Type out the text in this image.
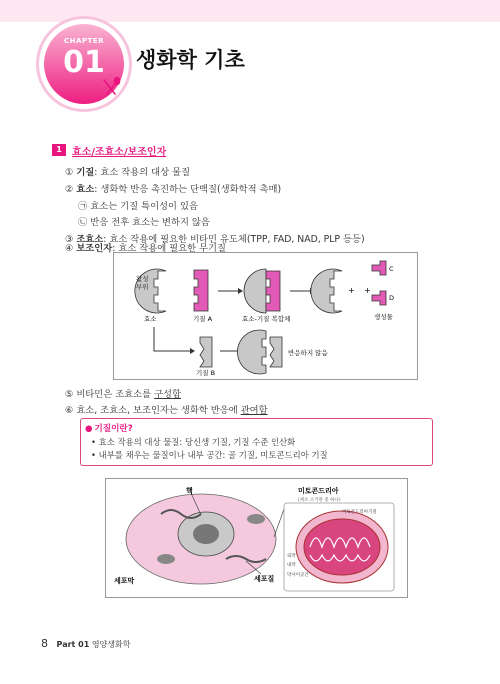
CHAPTER
01	생화학 기초
1	효소/조효소/보조인자
① 기질: 효소 작용의 대상 물질
② 효소: 생화학 반응 촉진하는 단백질(생화학적 촉매)
㉠ 효소는 기질 특이성이 있음
㉡ 반응 전후 효소는 변하지 않음
③ 조효소: 효소 작용에 필요한 비타민 유도체(TPP, FAD, NAD, PLP 등등)
④ 보조인자: 효소 작용에 필요한 무기질
활성 부위
기질 A	효소-기질 복합체
+ +
C
D
생성물
효소
기질 B
반응하지 않음
⑤ 비타민은 조효소를 구성함
⑥ 효소, 조효소, 보조인자는 생화학 반응에 관여함
● 기질이란?
• 효소 작용의 대상 물질: 당신생 기질, 기질 수준 인산화
• 내부를 채우는 물질이나 내부 공간: 골 기질, 미토콘드리아 기질
핵
세포막	세포질
미토콘드리아
(세포 소기관 중 하나)
미토콘드리아기질
외막
내막
막사이공간
8 Part 01 영양생화학
